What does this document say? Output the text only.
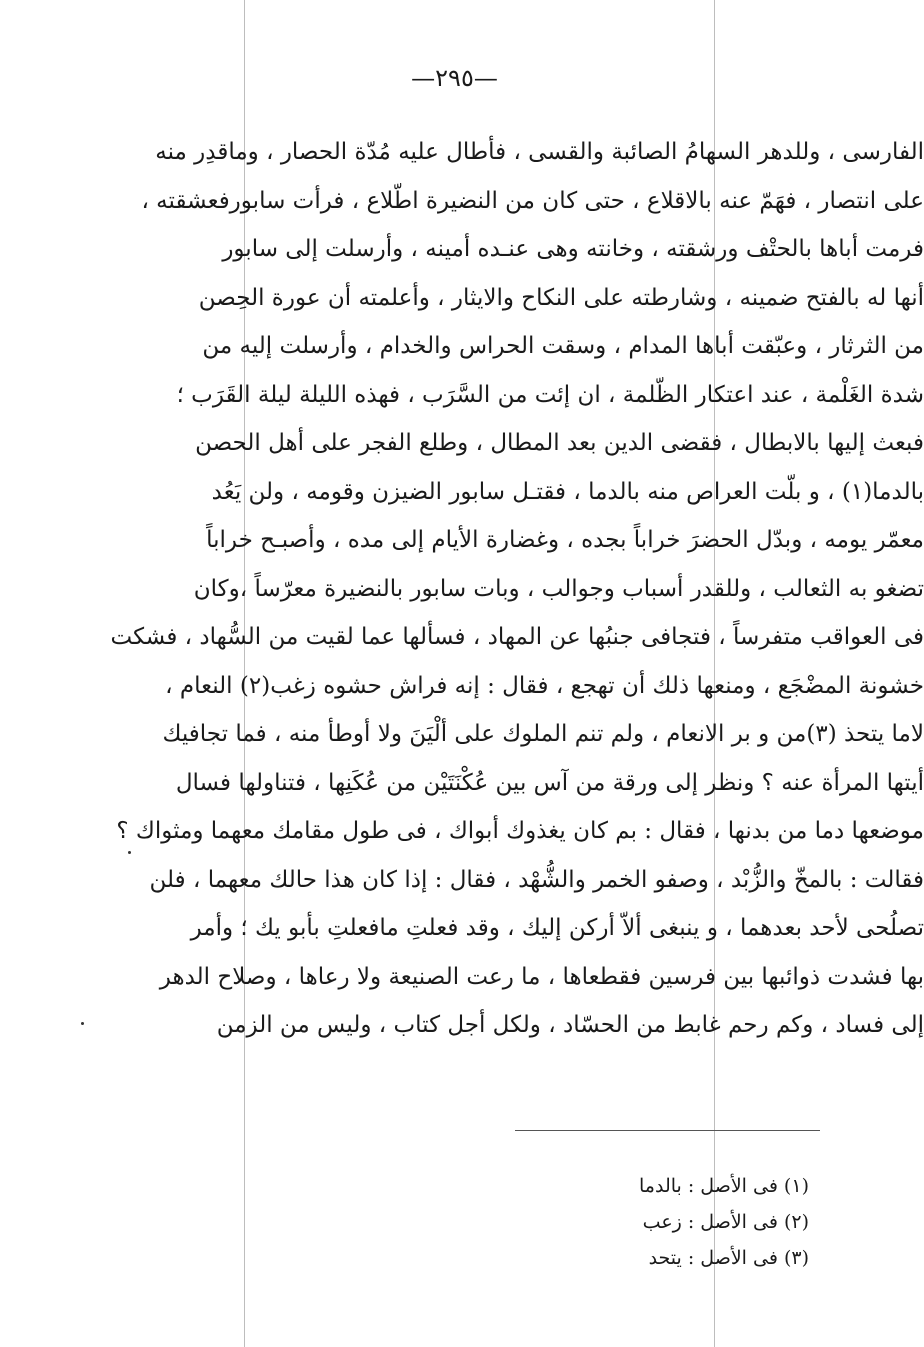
—٢٩٥—
الفارسى ، وللدهر السهامُ الصائبة والقسى ، فأطال عليه مُدّة الحصار ، وماقدِر منه
على انتصار ، فهَمّ عنه بالاقلاع ، حتى كان من النضيرة اطّلاع ، فرأت سابورفعشقته ،
فرمت أباها بالحتْف ورشقته ، وخانته وهى عنـده أمينه ، وأرسلت إلى سابور
أنها له بالفتح ضمينه ، وشارطته على النكاح والايثار ، وأعلمته أن عورة الحِصن
من الثرثار ، وعبّقت أباها المدام ، وسقت الحراس والخدام ، وأرسلت إليه من
شدة الغَلْمة ، عند اعتكار الظّلمة ، ان إئت من السَّرَب ، فهذه الليلة ليلة القَرَب ؛
فبعث إليها بالابطال ، فقضى الدين بعد المطال ، وطلع الفجر على أهل الحصن
بالدما(١) ، و بلّت العراص منه بالدما ، فقتـل سابور الضيزن وقومه ، ولن يَعُد
معمّر يومه ، وبدّل الحضرَ خراباً بجده ، وغضارة الأيام إلى مده ، وأصبـح خراباً
تضغو به الثعالب ، وللقدر أسباب وجوالب ، وبات سابور بالنضيرة معرّساً ،وكان
فى العواقب متفرساً ، فتجافى جنبُها عن المهاد ، فسألها عما لقيت من السُّهاد ، فشكت
خشونة المضْجَع ، ومنعها ذلك أن تهجع ، فقال : إنه فراش حشوه زغب(٢) النعام ،
لاما يتحذ (٣)من و بر الانعام ، ولم تنم الملوك على ألْيَنَ ولا أوطأ منه ، فما تجافيك
أيتها المرأة عنه ؟ ونظر إلى ورقة من آس بين عُكْنَتَيْن من عُكَنِها ، فتناولها فسال
موضعها دما من بدنها ، فقال : بم كان يغذوك أبواك ، فى طول مقامك معهما ومثواك ؟
فقالت : بالمخّ والزُّبْد ، وصفو الخمر والشُّهْد ، فقال : إذا كان هذا حالك معهما ، فلن
تصلُحى لأحد بعدهما ، و ينبغى ألاّ أركن إليك ، وقد فعلتِ مافعلتِ بأبو يك ؛ وأمر
بها فشدت ذوائبها بين فرسين فقطعاها ، ما رعت الصنيعة ولا رعاها ، وصلاح الدهر
إلى فساد ، وكم رحم غابط من الحسّاد ، ولكل أجل كتاب ، وليس من الزمن
(١) فى الأصل : بالدما
(٢) فى الأصل : زعب
(٣) فى الأصل : يتحد
